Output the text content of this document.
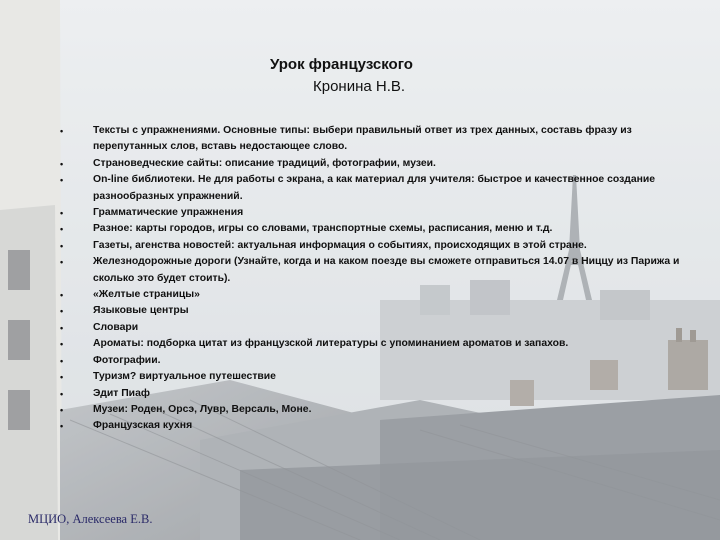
Урок французского
Кронина Н.В.
•	Тексты с упражнениями. Основные типы: выбери правильный ответ из трех данных, составь фразу из перепутанных слов, вставь недостающее слово.
•	Страноведческие сайты: описание традиций, фотографии, музеи.
•	On-line библиотеки. Не для работы с экрана, а как материал для учителя: быстрое и качественное создание разнообразных упражнений.
•	Грамматические упражнения
•	Разное: карты городов, игры со словами, транспортные схемы, расписания, меню и т.д.
•	Газеты, агенства новостей: актуальная информация о событиях, происходящих в этой стране.
•	Железнодорожные дороги (Узнайте, когда и на каком поезде вы сможете отправиться 14.07 в Ниццу из Парижа и сколько это будет стоить).
•	«Желтые страницы»
•	Языковые центры
•	Словари
•	Ароматы: подборка цитат из французской литературы с упоминанием ароматов и запахов.
•	Фотографии.
•	Туризм? виртуальное путешествие
•	Эдит Пиаф
•	Музеи: Роден, Орсэ, Лувр, Версаль, Моне.
•	Французская кухня
МЦИО, Алексеева Е.В.
